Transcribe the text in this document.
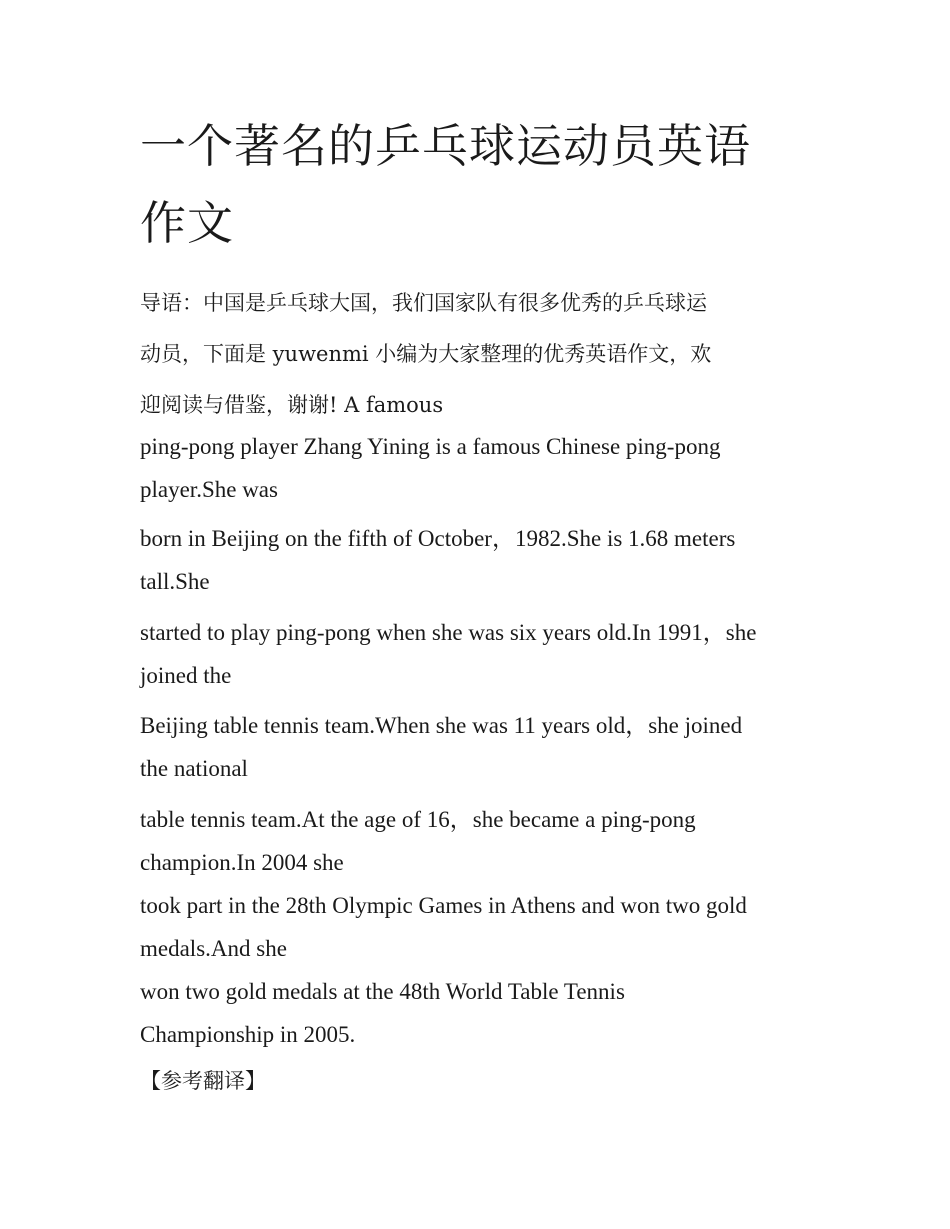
一个著名的乒乓球运动员英语
作文

导语：中国是乒乓球大国，我们国家队有很多优秀的乒乓球运
动员，下面是 yuwenmi 小编为大家整理的优秀英语作文，欢
迎阅读与借鉴，谢谢! A famous

ping-pong player Zhang Yining is a famous Chinese ping-pong
player.She was

born in Beijing on the fifth of October，1982.She is 1.68 meters
tall.She

started to play ping-pong when she was six years old.In 1991，she
joined the

Beijing table tennis team.When she was 11 years old，she joined
the national

table tennis team.At the age of 16，she became a ping-pong
champion.In 2004 she

took part in the 28th Olympic Games in Athens and won two gold
medals.And she

won two gold medals at the 48th World Table Tennis
Championship in 2005.

【参考翻译】
